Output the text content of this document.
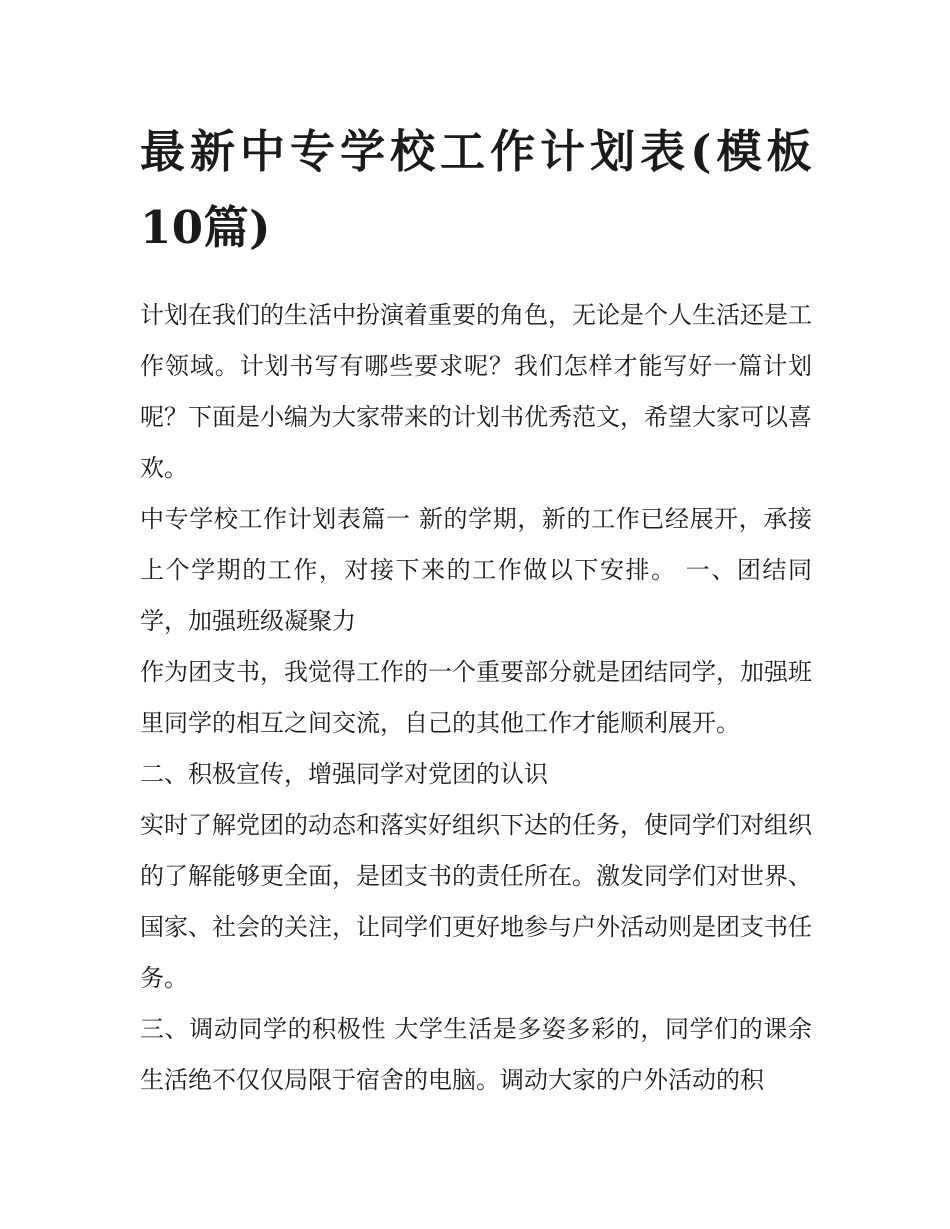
最新中专学校工作计划表(模板10篇)

计划在我们的生活中扮演着重要的角色，无论是个人生活还是工作领域。计划书写有哪些要求呢？我们怎样才能写好一篇计划呢？下面是小编为大家带来的计划书优秀范文，希望大家可以喜欢。

中专学校工作计划表篇一 新的学期，新的工作已经展开，承接上个学期的工作，对接下来的工作做以下安排。 一、团结同学，加强班级凝聚力

作为团支书，我觉得工作的一个重要部分就是团结同学，加强班里同学的相互之间交流，自己的其他工作才能顺利展开。

二、积极宣传，增强同学对党团的认识

实时了解党团的动态和落实好组织下达的任务，使同学们对组织的了解能够更全面，是团支书的责任所在。激发同学们对世界、国家、社会的关注，让同学们更好地参与户外活动则是团支书任务。

三、调动同学的积极性 大学生活是多姿多彩的，同学们的课余生活绝不仅仅局限于宿舍的电脑。调动大家的户外活动的积
